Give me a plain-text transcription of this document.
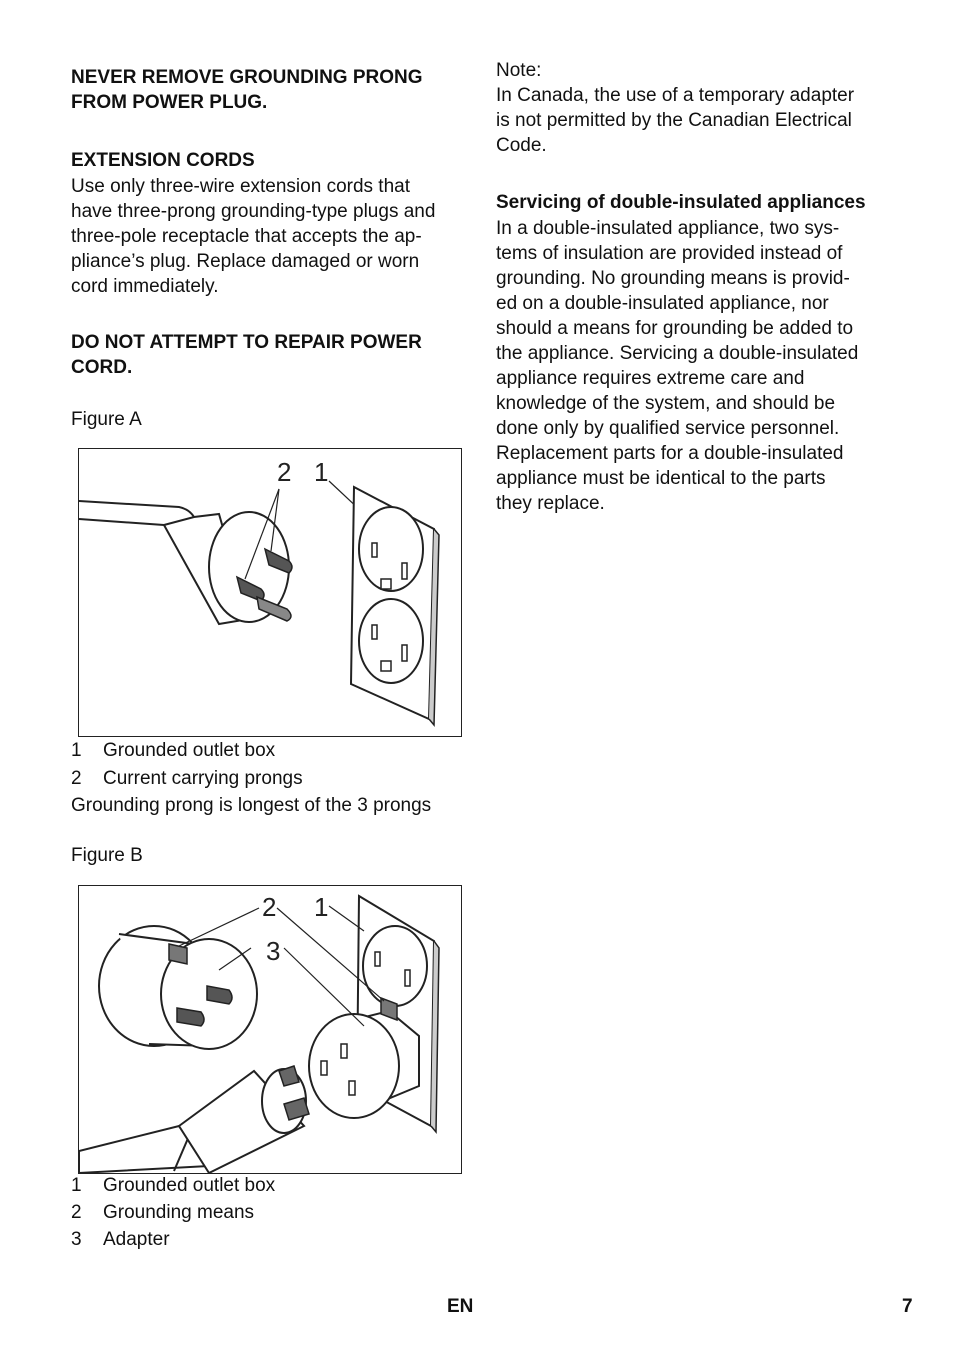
NEVER REMOVE GROUNDING PRONG
FROM POWER PLUG.
EXTENSION CORDS
Use only three-wire extension cords that
have three-prong grounding-type plugs and
three-pole receptacle that accepts the ap-
pliance’s plug. Replace damaged or worn
cord immediately.
DO NOT ATTEMPT TO REPAIR POWER
CORD.
Figure A
2 1
1 Grounded outlet box
2 Current carrying prongs
Grounding prong is longest of the 3 prongs
Figure B
2 1
3
1 Grounded outlet box
2 Grounding means
3 Adapter
Note:
In Canada, the use of a temporary adapter
is not permitted by the Canadian Electrical
Code.
Servicing of double-insulated appliances
In a double-insulated appliance, two sys-
tems of insulation are provided instead of
grounding. No grounding means is provid-
ed on a double-insulated appliance, nor
should a means for grounding be added to
the appliance. Servicing a double-insulated
appliance requires extreme care and
knowledge of the system, and should be
done only by qualified service personnel.
Replacement parts for a double-insulated
appliance must be identical to the parts
they replace.
EN	7
